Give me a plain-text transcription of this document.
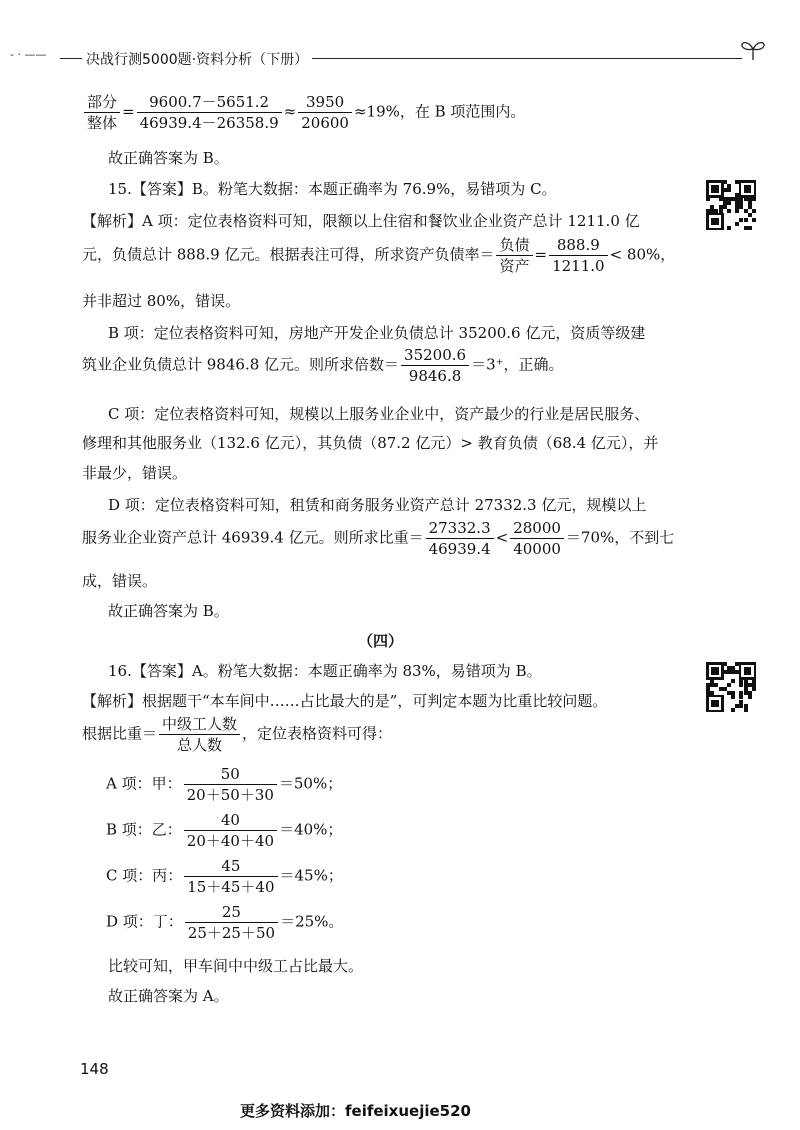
- · ——	决战行测5000题·资料分析（下册）
$\frac{\text{部分}}{\text{整体}} = \frac{9600.7-5651.2}{46939.4-26358.9} \approx \frac{3950}{20600} \approx 19\%$，在 B 项范围内。
故正确答案为 B。
15.【答案】B。粉笔大数据：本题正确率为 76.9%，易错项为 C。
【解析】A 项：定位表格资料可知，限额以上住宿和餐饮业企业资产总计 1211.0 亿
元，负债总计 888.9 亿元。根据表注可得，所求资产负债率＝ $\frac{\text{负债}}{\text{资产}} = \frac{888.9}{1211.0} < 80\%$，
并非超过 80%，错误。
B 项：定位表格资料可知，房地产开发企业负债总计 35200.6 亿元，资质等级建
筑业企业负债总计 9846.8 亿元。则所求倍数＝ $\frac{35200.6}{9846.8} =3^+$，正确。
C 项：定位表格资料可知，规模以上服务业企业中，资产最少的行业是居民服务、
修理和其他服务业（132.6 亿元），其负债（87.2 亿元）> 教育负债（68.4 亿元），并
非最少，错误。
D 项：定位表格资料可知，租赁和商务服务业资产总计 27332.3 亿元，规模以上
服务业企业资产总计 46939.4 亿元。则所求比重＝ $\frac{27332.3}{46939.4} < \frac{28000}{40000} =70\%$，不到七
成，错误。
故正确答案为 B。
（四）
16.【答案】A。粉笔大数据：本题正确率为 83%，易错项为 B。
【解析】根据题干“本车间中……占比最大的是”，可判定本题为比重比较问题。
根据比重＝ $\frac{\text{中级工人数}}{\text{总人数}}$ ，定位表格资料可得：
A 项：甲： $\frac{50}{20+50+30} =50\%$；
B 项：乙： $\frac{40}{20+40+40} =40\%$；
C 项：丙： $\frac{45}{15+45+40} =45\%$；
D 项：丁： $\frac{25}{25+25+50} =25\%$。
比较可知，甲车间中中级工占比最大。
故正确答案为 A。
148
更多资料添加：feifeixuejie520
